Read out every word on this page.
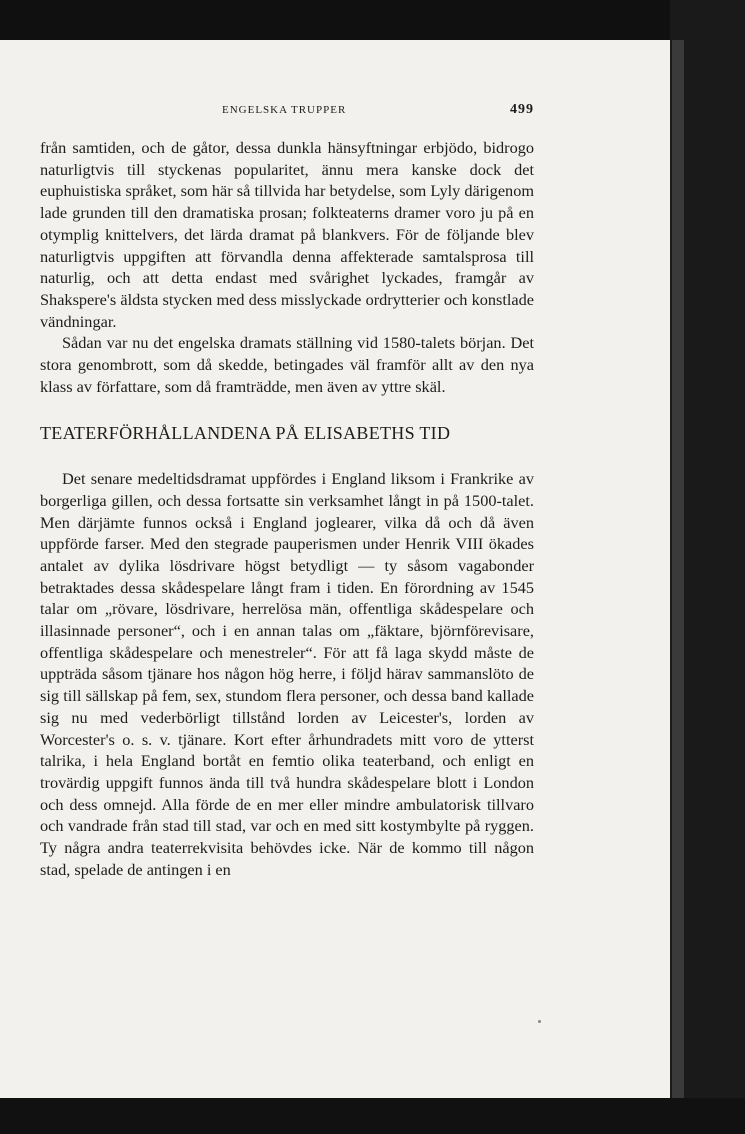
ENGELSKA TRUPPER	499

från samtiden, och de gåtor, dessa dunkla hänsyftningar erbjödo, bidrogo naturligtvis till styckenas popularitet, ännu mera kanske dock det euphuistiska språket, som här så tillvida har betydelse, som Lyly därigenom lade grunden till den dramatiska prosan; folkteaterns dramer voro ju på en otymplig knittelvers, det lärda dramat på blankvers. För de följande blev naturligtvis uppgiften att förvandla denna affekterade samtalsprosa till naturlig, och att detta endast med svårighet lyckades, framgår av Shakspere's äldsta stycken med dess misslyckade ordrytterier och konstlade vändningar.

Sådan var nu det engelska dramats ställning vid 1580-talets början. Det stora genombrott, som då skedde, betingades väl framför allt av den nya klass av författare, som då framträdde, men även av yttre skäl.

TEATERFÖRHÅLLANDENA PÅ ELISABETHS TID

Det senare medeltidsdramat uppfördes i England liksom i Frankrike av borgerliga gillen, och dessa fortsatte sin verksamhet långt in på 1500-talet. Men därjämte funnos också i England joglearer, vilka då och då även uppförde farser. Med den stegrade pauperismen under Henrik VIII ökades antalet av dylika lösdrivare högst betydligt — ty såsom vagabonder betraktades dessa skådespelare långt fram i tiden. En förordning av 1545 talar om „rövare, lösdrivare, herrelösa män, offentliga skådespelare och illasinnade personer“, och i en annan talas om „fäktare, björnförevisare, offentliga skådespelare och menestreler“. För att få laga skydd måste de uppträda såsom tjänare hos någon hög herre, i följd härav sammanslöto de sig till sällskap på fem, sex, stundom flera personer, och dessa band kallade sig nu med vederbörligt tillstånd lorden av Leicester's, lorden av Worcester's o. s. v. tjänare. Kort efter århundradets mitt voro de ytterst talrika, i hela England bortåt en femtio olika teaterband, och enligt en trovärdig uppgift funnos ända till två hundra skådespelare blott i London och dess omnejd. Alla förde de en mer eller mindre ambulatorisk tillvaro och vandrade från stad till stad, var och en med sitt kostymbylte på ryggen. Ty några andra teaterrekvisita behövdes icke. När de kommo till någon stad, spelade de antingen i en
